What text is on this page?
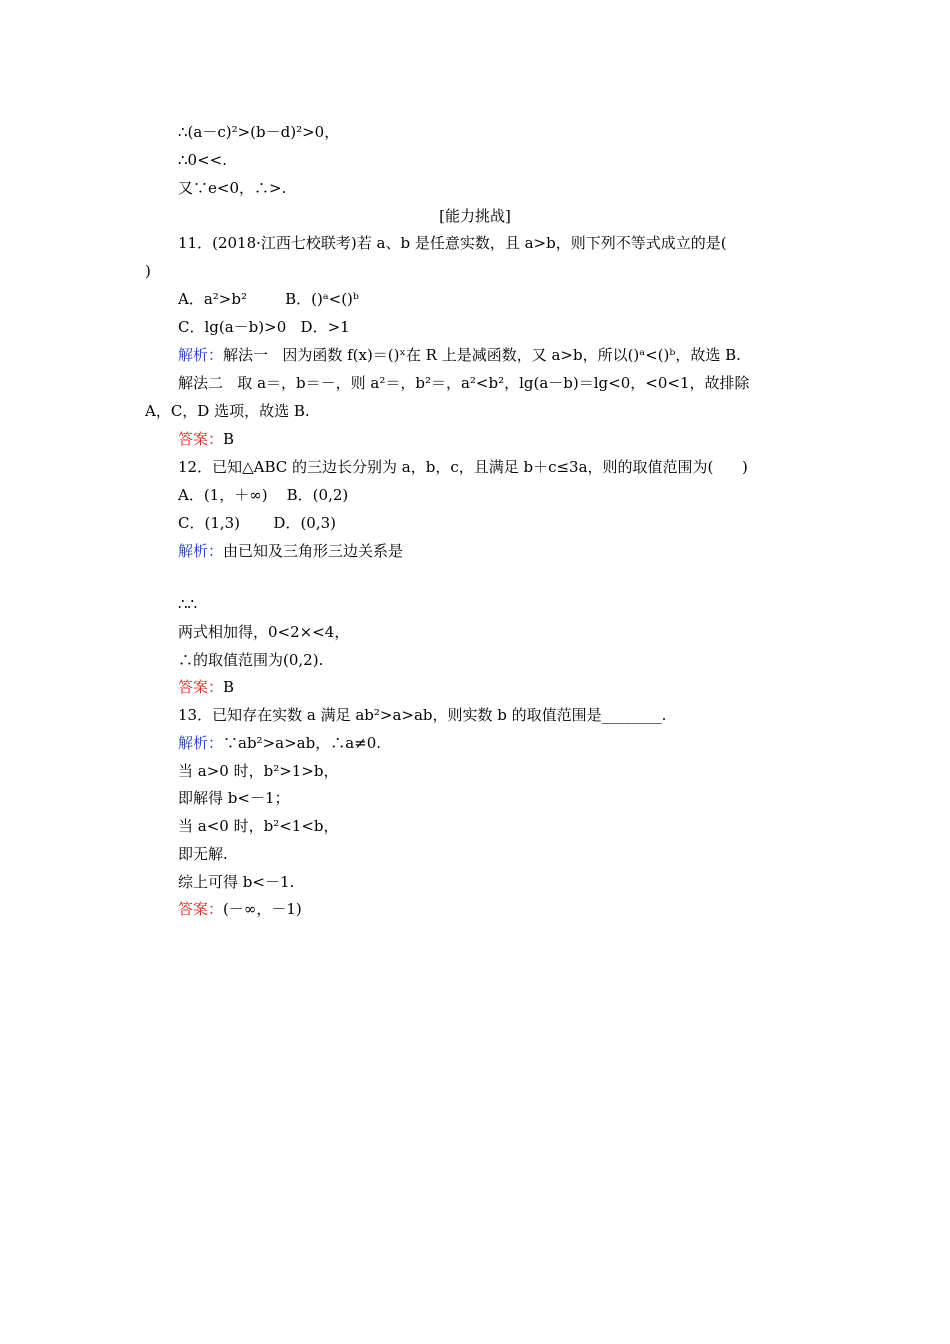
∴(a－c)²>(b－d)²>0，
∴0<<.
又∵e<0，∴>.
[能力挑战]
11．(2018·江西七校联考)若 a、b 是任意实数，且 a>b，则下列不等式成立的是(
)
A．a²>b²        B．()ᵃ<()ᵇ
C．lg(a－b)>0   D．>1
解析：解法一   因为函数 f(x)＝()ˣ在 R 上是减函数，又 a>b，所以()ᵃ<()ᵇ，故选 B.
解法二   取 a＝，b＝－，则 a²＝，b²＝，a²<b²，lg(a－b)＝lg<0，<0<1，故排除
A，C，D 选项，故选 B.
答案：B
12．已知△ABC 的三边长分别为 a，b，c，且满足 b＋c≤3a，则的取值范围为(      )
A．(1，＋∞)    B．(0,2)
C．(1,3)       D．(0,3)
解析：由已知及三角形三边关系是
∴∴
两式相加得，0<2×<4，
∴的取值范围为(0,2).
答案：B
13．已知存在实数 a 满足 ab²>a>ab，则实数 b 的取值范围是________.
解析：∵ab²>a>ab，∴a≠0.
当 a>0 时，b²>1>b，
即解得 b<－1；
当 a<0 时，b²<1<b，
即无解.
综上可得 b<－1.
答案：(－∞，－1)
